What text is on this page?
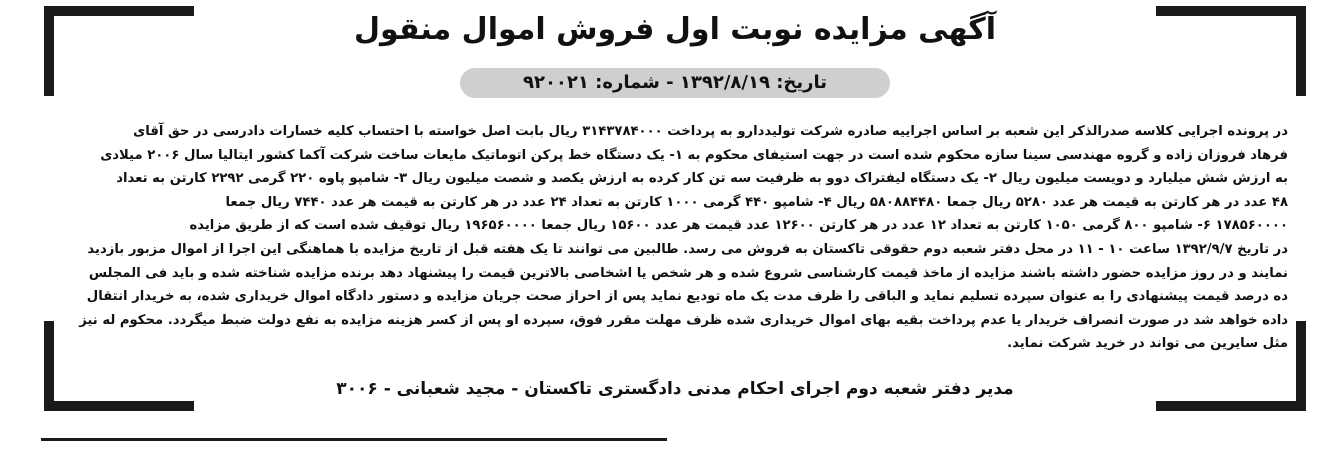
آگهی مزایده نوبت اول فروش اموال منقول
تاریخ: ۱۳۹۲/۸/۱۹ - شماره: ۹۲۰۰۲۱

در پرونده اجرایی کلاسه صدرالذکر این شعبه بر اساس اجراییه صادره شرکت تولیددارو به پرداخت ۳۱۴۳۷۸۴۰۰۰ ریال بابت اصل خواسته با احتساب کلیه خسارات دادرسی در حق آقای

فرهاد فروزان زاده و گروه مهندسی سینا سازه محکوم شده است در جهت استیفای محکوم به ۱- یک دستگاه خط پرکن اتوماتیک مایعات ساخت شرکت آکما کشور ایتالیا سال ۲۰۰۶ میلادی

به ارزش شش میلیارد و دویست میلیون ریال ۲- یک دستگاه لیفتراک دوو به ظرفیت سه تن کار کرده به ارزش یکصد و شصت میلیون ریال ۳- شامپو پاوه ۲۲۰ گرمی ۲۲۹۲ کارتن به تعداد

۴۸ عدد در هر کارتن به قیمت هر عدد ۵۲۸۰ ریال جمعا ۵۸۰۸۸۴۴۸۰ ریال ۴- شامپو ۴۴۰ گرمی ۱۰۰۰ کارتن به تعداد ۲۴ عدد در هر کارتن به قیمت هر عدد ۷۴۴۰ ریال جمعا

۱۷۸۵۶۰۰۰۰ ۶- شامپو ۸۰۰ گرمی ۱۰۵۰ کارتن به تعداد ۱۲ عدد در هر کارتن ۱۲۶۰۰ عدد قیمت هر عدد ۱۵۶۰۰ ریال جمعا ۱۹۶۵۶۰۰۰۰ ریال توقیف شده است که از طریق مزایده

در تاریخ ۱۳۹۲/۹/۷ ساعت ۱۰ - ۱۱ در محل دفتر شعبه دوم حقوقی تاکستان به فروش می رسد. طالبین می توانند تا یک هفته قبل از تاریخ مزایده با هماهنگی این اجرا از اموال مزبور بازدید

نمایند و در روز مزایده حضور داشته باشند مزایده از ماخذ قیمت کارشناسی شروع شده و هر شخص یا اشخاصی بالاترین قیمت را پیشنهاد دهد برنده مزایده شناخته شده و باید فی المجلس

ده درصد قیمت پیشنهادی را به عنوان سپرده تسلیم نماید و الباقی را ظرف مدت یک ماه تودیع نماید پس از احراز صحت جریان مزایده و دستور دادگاه اموال خریداری شده، به خریدار انتقال

داده خواهد شد در صورت انصراف خریدار یا عدم پرداخت بقیه بهای اموال خریداری شده ظرف مهلت مقرر فوق، سپرده او پس از کسر هزینه مزایده به نفع دولت ضبط میگردد. محکوم له نیز

مثل سایرین می تواند در خرید شرکت نماید.

مدیر دفتر شعبه دوم اجرای احکام مدنی دادگستری تاکستان - مجید شعبانی - ۳۰۰۶
